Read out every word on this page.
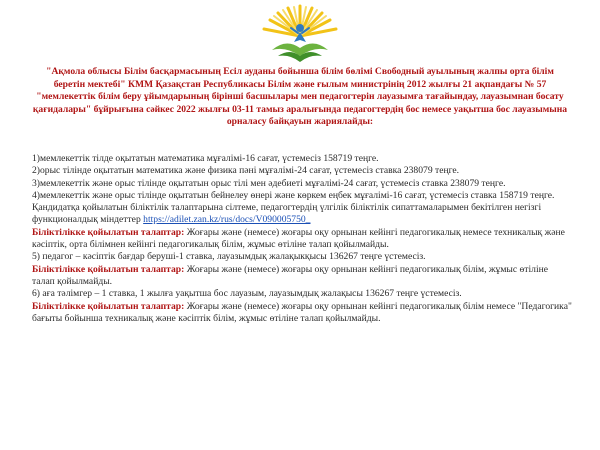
"Ақмола облысы Білім басқармасының Есіл ауданы бойынша білім бөлімі Свободный ауылының жалпы орта білім беретін мектебі" КММ Қазақстан Республикасы Білім және ғылым министрінің 2012 жылғы 21 ақпандағы № 57 "мемлекеттік білім беру ұйымдарының бірінші басшылары мен педагогтерін лауазымға тағайындау, лауазымнан босату қағидалары" бұйрығына сәйкес 2022 жылғы 03-11 тамыз аралығында педагогтердің бос немесе уақытша бос лауазымына орналасу байқауын жариялайды:

1)мемлекеттік тілде оқытатын математика мұғалімі-16 сағат, үстемесіз 158719 теңге.

2)орыс тілінде оқытатын математика және физика пәні мұғалімі-24 сағат, үстемесіз ставка 238079 теңге.

3)мемлекеттік және орыс тілінде оқытатын орыс тілі мен әдебиеті мұғалімі-24 сағат, үстемесіз ставка 238079 теңге.

4)мемлекеттік және орыс тілінде оқытатын бейнелеу өнері және көркем еңбек мұғалімі-16 сағат, үстемесіз ставка 158719 теңге.

Қандидатқа қойылатын біліктілік талаптарына сілтеме, педагогтердің үлгілік біліктілік сипаттамаларымен бекітілген негізгі функционалдық міндеттер https://adilet.zan.kz/rus/docs/V090005750_

Біліктілікке қойылатын талаптар: Жоғары және (немесе) жоғары оқу орнынан кейінгі педагогикалық немесе техникалық және кәсіптік, орта білімнен кейінгі педагогикалық білім, жұмыс өтіліне талап қойылмайды.

5) педагог – кәсіптік бағдар беруші-1 ставка, лауазымдық жалақыкқысы 136267 теңге үстемесіз.

Біліктілікке қойылатын талаптар: Жоғары және (немесе) жоғары оқу орнынан кейінгі педагогикалық білім, жұмыс өтіліне талап қойылмайды.

6) аға тәлімгер – 1 ставка, 1 жылға уақытша бос лауазым, лауазымдық жалақысы 136267 теңге үстемесіз.

Біліктілікке қойылатын талаптар: Жоғары және (немесе) жоғары оқу орнынан кейінгі педагогикалық білім немесе "Педагогика" бағыты бойынша техникалық және кәсіптік білім, жұмыс өтіліне талап қойылмайды.
